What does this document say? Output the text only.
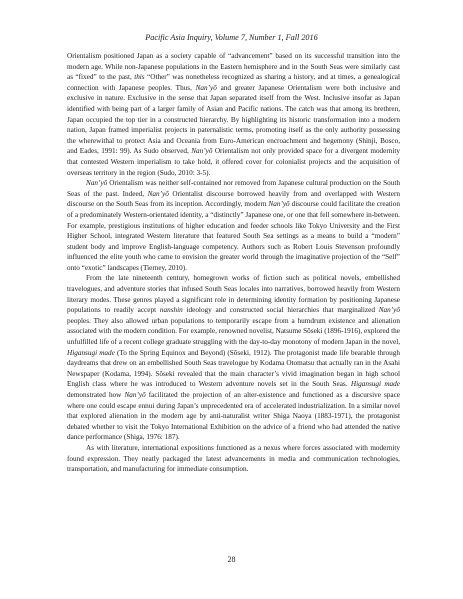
Pacific Asia Inquiry, Volume 7, Number 1, Fall 2016

Orientalism positioned Japan as a society capable of “advancement” based on its successful transition into the modern age. While non-Japanese populations in the Eastern hemisphere and in the South Seas were similarly cast as “fixed” to the past, this “Other” was nonetheless recognized as sharing a history, and at times, a genealogical connection with Japanese peoples. Thus, Nan’yō and greater Japanese Orientalism were both inclusive and exclusive in nature. Exclusive in the sense that Japan separated itself from the West. Inclusive insofar as Japan identified with being part of a larger family of Asian and Pacific nations. The catch was that among its brethren, Japan occupied the top tier in a constructed hierarchy. By highlighting its historic transformation into a modern nation, Japan framed imperialist projects in paternalistic terms, promoting itself as the only authority possessing the wherewithal to protect Asia and Oceania from Euro-American encroachment and hegemony (Shinji, Bosco, and Eades, 1991: 99). As Sudo observed, Nan’yō Orientalism not only provided space for a divergent modernity that contested Western imperialism to take hold, it offered cover for colonialist projects and the acquisition of overseas territory in the region (Sudo, 2010: 3-5).

Nan’yō Orientalism was neither self-contained nor removed from Japanese cultural production on the South Seas of the past. Indeed, Nan’yō Orientalist discourse borrowed heavily from and overlapped with Western discourse on the South Seas from its inception. Accordingly, modern Nan’yō discourse could facilitate the creation of a predominately Western-orientated identity, a “distinctly” Japanese one, or one that fell somewhere in-between. For example, prestigious institutions of higher education and feeder schools like Tokyo University and the First Higher School, integrated Western literature that featured South Sea settings as a means to build a “modern” student body and improve English-language competency. Authors such as Robert Louis Stevenson profoundly influenced the elite youth who came to envision the greater world through the imaginative projection of the “Self” onto “exotic” landscapes (Tierney, 2010).

From the late nineteenth century, homegrown works of fiction such as political novels, embellished travelogues, and adventure stories that infused South Seas locales into narratives, borrowed heavily from Western literary modes. These genres played a significant role in determining identity formation by positioning Japanese populations to readily accept nanshin ideology and constructed social hierarchies that marginalized Nan’yō peoples. They also allowed urban populations to temporarily escape from a humdrum existence and alienation associated with the modern condition. For example, renowned novelist, Natsume Sōseki (1896-1916), explored the unfulfilled life of a recent college graduate struggling with the day-to-day monotony of modern Japan in the novel, Higansugi made (To the Spring Equinox and Beyond) (Sōseki, 1912). The protagonist made life bearable through daydreams that drew on an embellished South Seas travelogue by Kodama Otomatsu that actually ran in the Asahi Newspaper (Kodama, 1994). Sōseki revealed that the main character’s vivid imagination began in high school English class where he was introduced to Western adventure novels set in the South Seas. Higansugi made demonstrated how Nan’yō facilitated the projection of an alter-existence and functioned as a discursive space where one could escape ennui during Japan’s unprecedented era of accelerated industrialization. In a similar novel that explored alienation in the modern age by anti-naturalist writer Shiga Naoya (1883-1971), the protagonist debated whether to visit the Tokyo International Exhibition on the advice of a friend who had attended the native dance performance (Shiga, 1976: 187).

As with literature, international expositions functioned as a nexus where forces associated with modernity found expression. They neatly packaged the latest advancements in media and communication technologies, transportation, and manufacturing for immediate consumption.

28
